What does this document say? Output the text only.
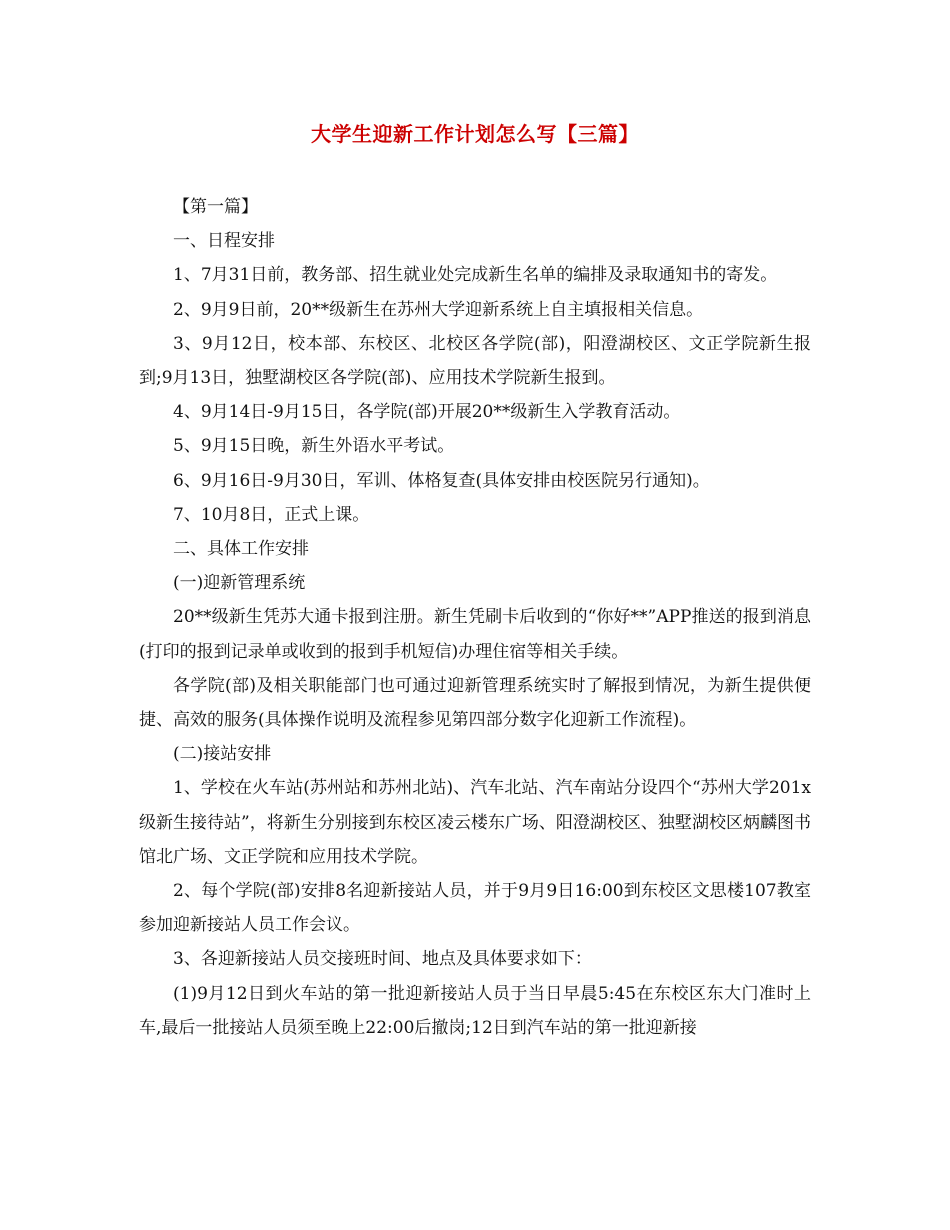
大学生迎新工作计划怎么写【三篇】

【第一篇】

一、日程安排

1、7月31日前，教务部、招生就业处完成新生名单的编排及录取通知书的寄发。

2、9月9日前，20**级新生在苏州大学迎新系统上自主填报相关信息。

3、9月12日，校本部、东校区、北校区各学院(部)，阳澄湖校区、文正学院新生报到;9月13日，独墅湖校区各学院(部)、应用技术学院新生报到。

4、9月14日-9月15日，各学院(部)开展20**级新生入学教育活动。

5、9月15日晚，新生外语水平考试。

6、9月16日-9月30日，军训、体格复查(具体安排由校医院另行通知)。

7、10月8日，正式上课。

二、具体工作安排

(一)迎新管理系统

20**级新生凭苏大通卡报到注册。新生凭刷卡后收到的“你好**”APP推送的报到消息(打印的报到记录单或收到的报到手机短信)办理住宿等相关手续。

各学院(部)及相关职能部门也可通过迎新管理系统实时了解报到情况，为新生提供便捷、高效的服务(具体操作说明及流程参见第四部分数字化迎新工作流程)。

(二)接站安排

1、学校在火车站(苏州站和苏州北站)、汽车北站、汽车南站分设四个“苏州大学201x级新生接待站”，将新生分别接到东校区凌云楼东广场、阳澄湖校区、独墅湖校区炳麟图书馆北广场、文正学院和应用技术学院。

2、每个学院(部)安排8名迎新接站人员，并于9月9日16:00到东校区文思楼107教室参加迎新接站人员工作会议。

3、各迎新接站人员交接班时间、地点及具体要求如下：

(1)9月12日到火车站的第一批迎新接站人员于当日早晨5:45在东校区东大门准时上车,最后一批接站人员须至晚上22:00后撤岗;12日到汽车站的第一批迎新接
